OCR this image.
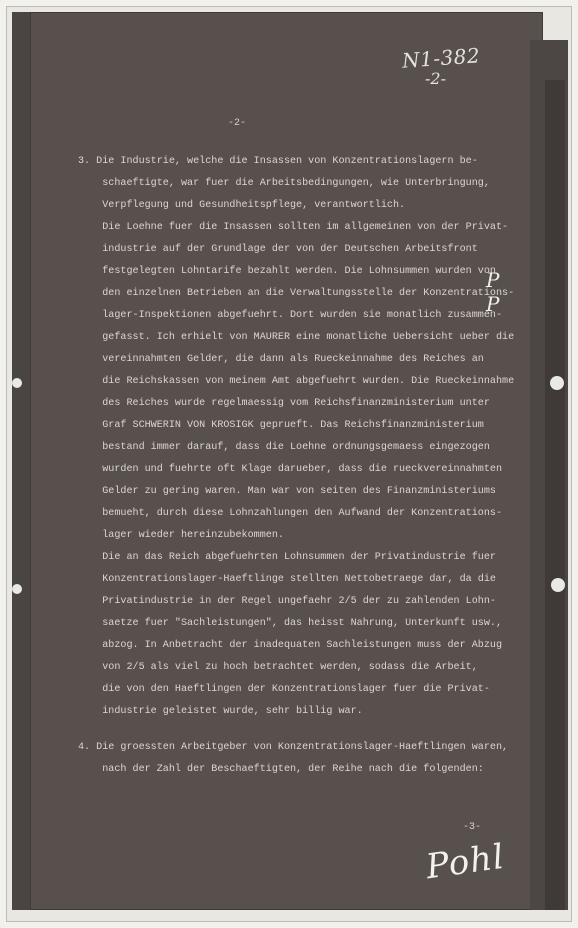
N1-382
-2-
-2-

3. Die Industrie, welche die Insassen von Konzentrationslagern be-

schaeftigte, war fuer die Arbeitsbedingungen, wie Unterbringung,

Verpflegung und Gesundheitspflege, verantwortlich.

Die Loehne fuer die Insassen sollten im allgemeinen von der Privat-

industrie auf der Grundlage der von der Deutschen Arbeitsfront

festgelegten Lohntarife bezahlt werden. Die Lohnsummen wurden von

den einzelnen Betrieben an die Verwaltungsstelle der Konzentrations-

lager-Inspektionen abgefuehrt. Dort wurden sie monatlich zusammen-

gefasst. Ich erhielt von MAURER eine monatliche Uebersicht ueber die

vereinnahmten Gelder, die dann als Rueckeinnahme des Reiches an

die Reichskassen von meinem Amt abgefuehrt wurden. Die Rueckeinnahme

des Reiches wurde regelmaessig vom Reichsfinanzministerium unter

Graf SCHWERIN VON KROSIGK geprueft. Das Reichsfinanzministerium

bestand immer darauf, dass die Loehne ordnungsgemaess eingezogen

wurden und fuehrte oft Klage darueber, dass die rueckvereinnahmten

Gelder zu gering waren. Man war von seiten des Finanzministeriums

bemueht, durch diese Lohnzahlungen den Aufwand der Konzentrations-

lager wieder hereinzubekommen.

Die an das Reich abgefuehrten Lohnsummen der Privatindustrie fuer

Konzentrationslager-Haeftlinge stellten Nettobetraege dar, da die

Privatindustrie in der Regel ungefaehr 2/5 der zu zahlenden Lohn-

saetze fuer "Sachleistungen", das heisst Nahrung, Unterkunft usw.,

abzog. In Anbetracht der inadequaten Sachleistungen muss der Abzug

von 2/5 als viel zu hoch betrachtet werden, sodass die Arbeit,

die von den Haeftlingen der Konzentrationslager fuer die Privat-

industrie geleistet wurde, sehr billig war.

4. Die groessten Arbeitgeber von Konzentrationslager-Haeftlingen waren,

nach der Zahl der Beschaeftigten, der Reihe nach die folgenden:

P
P
-3-
Pohl
